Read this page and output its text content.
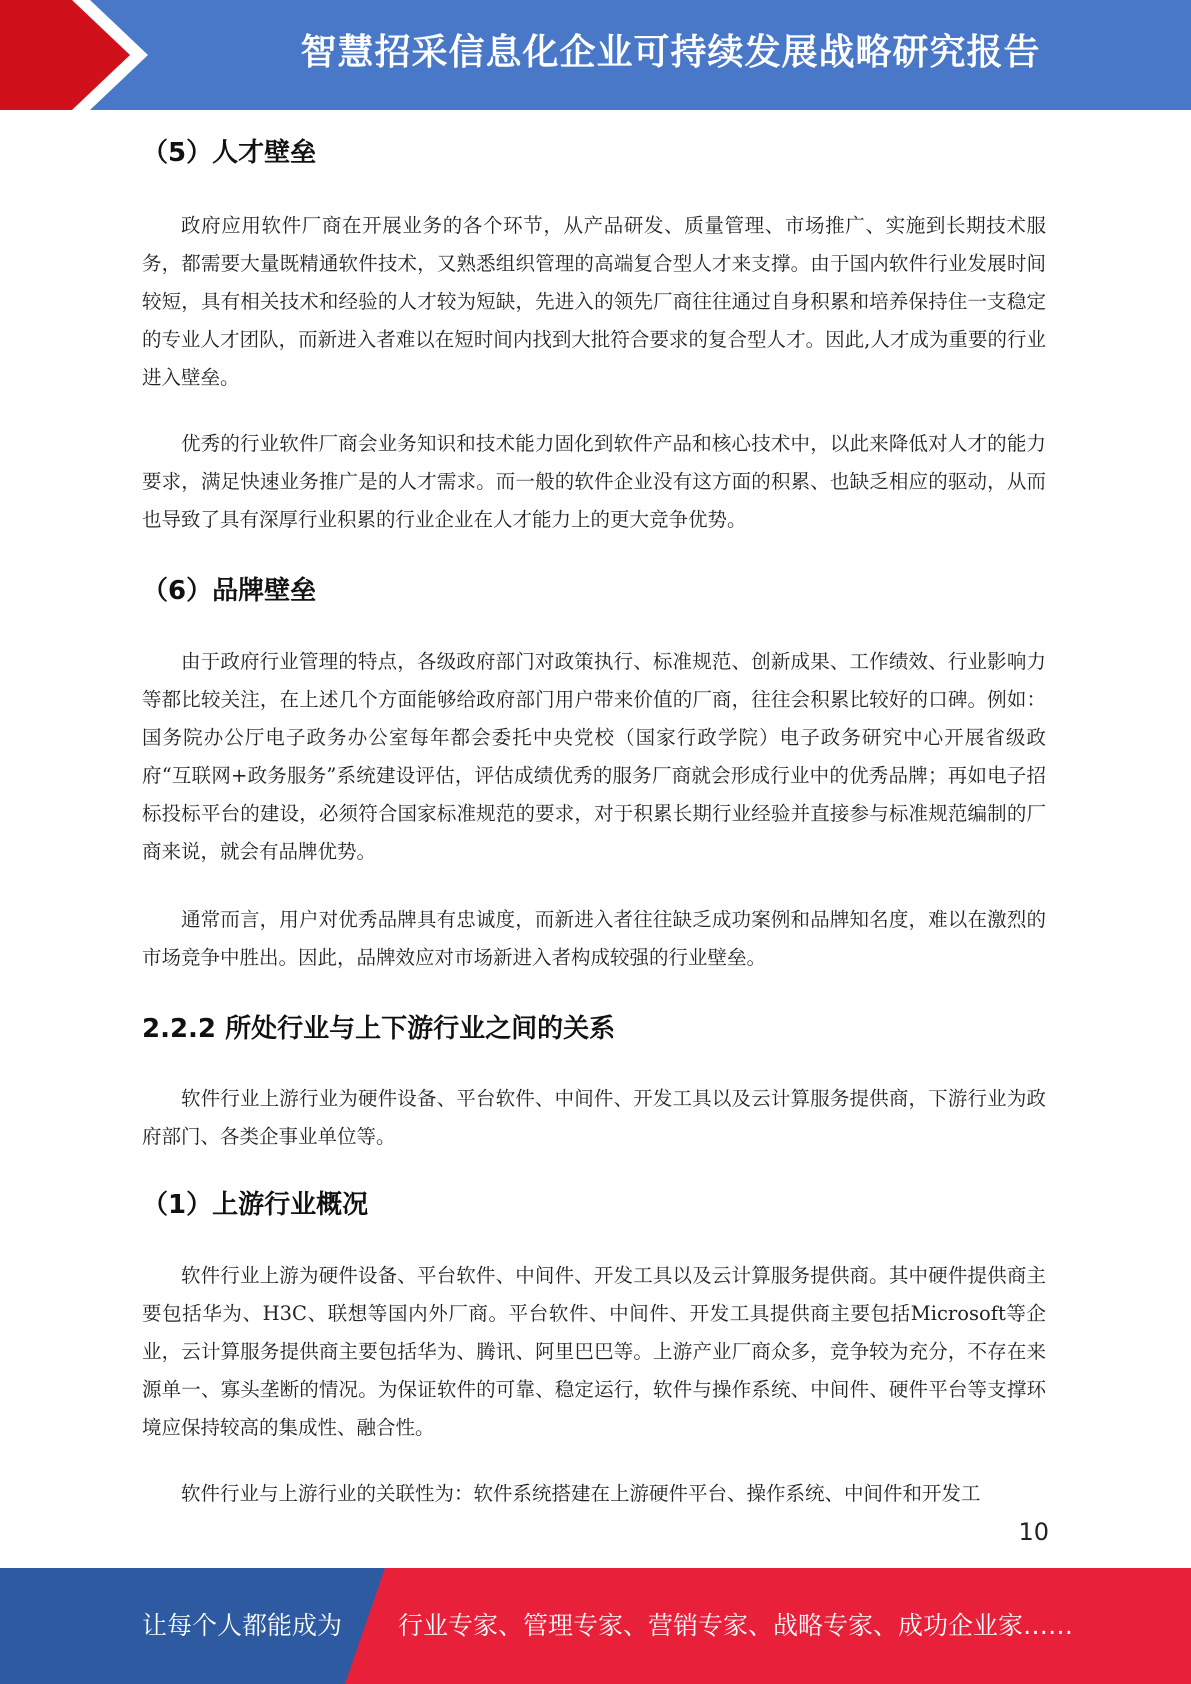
智慧招采信息化企业可持续发展战略研究报告
（5）人才壁垒

政府应用软件厂商在开展业务的各个环节，从产品研发、质量管理、市场推广、实施到长期技术服务，都需要大量既精通软件技术，又熟悉组织管理的高端复合型人才来支撑。由于国内软件行业发展时间较短，具有相关技术和经验的人才较为短缺，先进入的领先厂商往往通过自身积累和培养保持住一支稳定的专业人才团队，而新进入者难以在短时间内找到大批符合要求的复合型人才。因此,人才成为重要的行业进入壁垒。

优秀的行业软件厂商会业务知识和技术能力固化到软件产品和核心技术中，以此来降低对人才的能力要求，满足快速业务推广是的人才需求。而一般的软件企业没有这方面的积累、也缺乏相应的驱动，从而也导致了具有深厚行业积累的行业企业在人才能力上的更大竞争优势。

（6）品牌壁垒

由于政府行业管理的特点，各级政府部门对政策执行、标准规范、创新成果、工作绩效、行业影响力等都比较关注，在上述几个方面能够给政府部门用户带来价值的厂商，往往会积累比较好的口碑。例如：国务院办公厅电子政务办公室每年都会委托中央党校（国家行政学院）电子政务研究中心开展省级政府“互联网+政务服务”系统建设评估，评估成绩优秀的服务厂商就会形成行业中的优秀品牌；再如电子招标投标平台的建设，必须符合国家标准规范的要求，对于积累长期行业经验并直接参与标准规范编制的厂商来说，就会有品牌优势。

通常而言，用户对优秀品牌具有忠诚度，而新进入者往往缺乏成功案例和品牌知名度，难以在激烈的市场竞争中胜出。因此，品牌效应对市场新进入者构成较强的行业壁垒。

2.2.2 所处行业与上下游行业之间的关系

软件行业上游行业为硬件设备、平台软件、中间件、开发工具以及云计算服务提供商，下游行业为政府部门、各类企事业单位等。

（1）上游行业概况

软件行业上游为硬件设备、平台软件、中间件、开发工具以及云计算服务提供商。其中硬件提供商主要包括华为、H3C、联想等国内外厂商。平台软件、中间件、开发工具提供商主要包括Microsoft等企业，云计算服务提供商主要包括华为、腾讯、阿里巴巴等。上游产业厂商众多，竞争较为充分，不存在来源单一、寡头垄断的情况。为保证软件的可靠、稳定运行，软件与操作系统、中间件、硬件平台等支撑环境应保持较高的集成性、融合性。

软件行业与上游行业的关联性为：软件系统搭建在上游硬件平台、操作系统、中间件和开发工

10
让每个人都能成为 行业专家、管理专家、营销专家、战略专家、成功企业家……
